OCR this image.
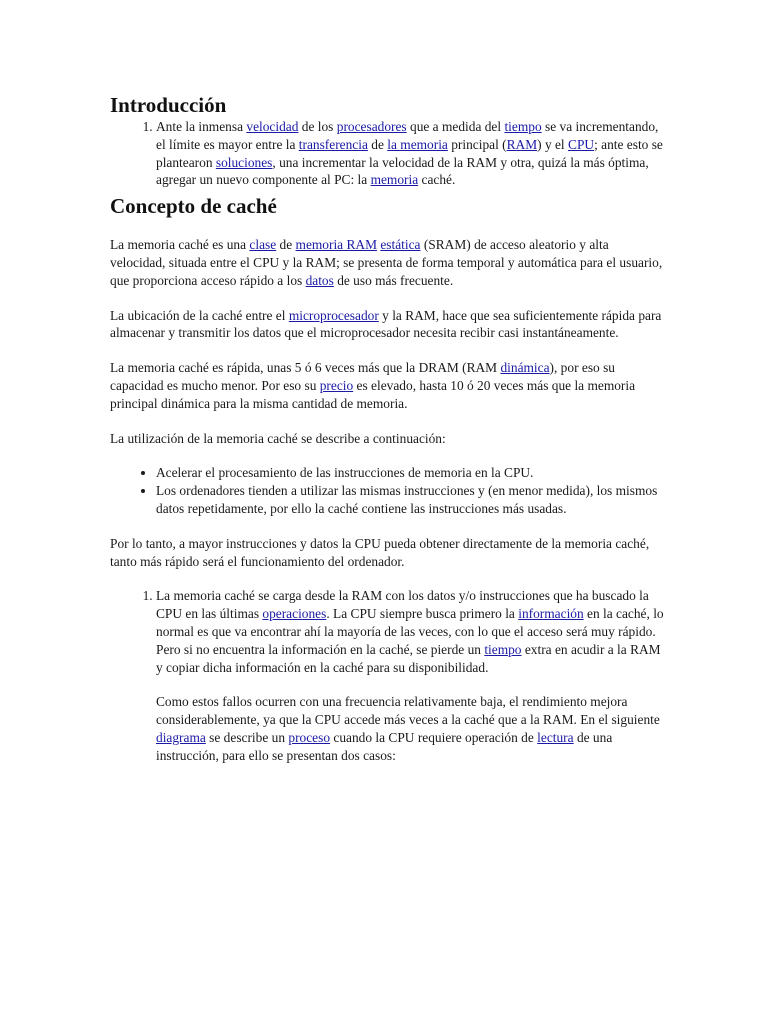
Introducción
1. Ante la inmensa velocidad de los procesadores que a medida del tiempo se va incrementando, el límite es mayor entre la transferencia de la memoria principal (RAM) y el CPU; ante esto se plantearon soluciones, una incrementar la velocidad de la RAM y otra, quizá la más óptima, agregar un nuevo componente al PC: la memoria caché.
Concepto de caché

La memoria caché es una clase de memoria RAM estática (SRAM) de acceso aleatorio y alta velocidad, situada entre el CPU y la RAM; se presenta de forma temporal y automática para el usuario, que proporciona acceso rápido a los datos de uso más frecuente.

La ubicación de la caché entre el microprocesador y la RAM, hace que sea suficientemente rápida para almacenar y transmitir los datos que el microprocesador necesita recibir casi instantáneamente.

La memoria caché es rápida, unas 5 ó 6 veces más que la DRAM (RAM dinámica), por eso su capacidad es mucho menor. Por eso su precio es elevado, hasta 10 ó 20 veces más que la memoria principal dinámica para la misma cantidad de memoria.

La utilización de la memoria caché se describe a continuación:

• Acelerar el procesamiento de las instrucciones de memoria en la CPU.
• Los ordenadores tienden a utilizar las mismas instrucciones y (en menor medida), los mismos datos repetidamente, por ello la caché contiene las instrucciones más usadas.

Por lo tanto, a mayor instrucciones y datos la CPU pueda obtener directamente de la memoria caché, tanto más rápido será el funcionamiento del ordenador.

1. La memoria caché se carga desde la RAM con los datos y/o instrucciones que ha buscado la CPU en las últimas operaciones. La CPU siempre busca primero la información en la caché, lo normal es que va encontrar ahí la mayoría de las veces, con lo que el acceso será muy rápido. Pero si no encuentra la información en la caché, se pierde un tiempo extra en acudir a la RAM y copiar dicha información en la caché para su disponibilidad.

Como estos fallos ocurren con una frecuencia relativamente baja, el rendimiento mejora considerablemente, ya que la CPU accede más veces a la caché que a la RAM. En el siguiente diagrama se describe un proceso cuando la CPU requiere operación de lectura de una instrucción, para ello se presentan dos casos:
